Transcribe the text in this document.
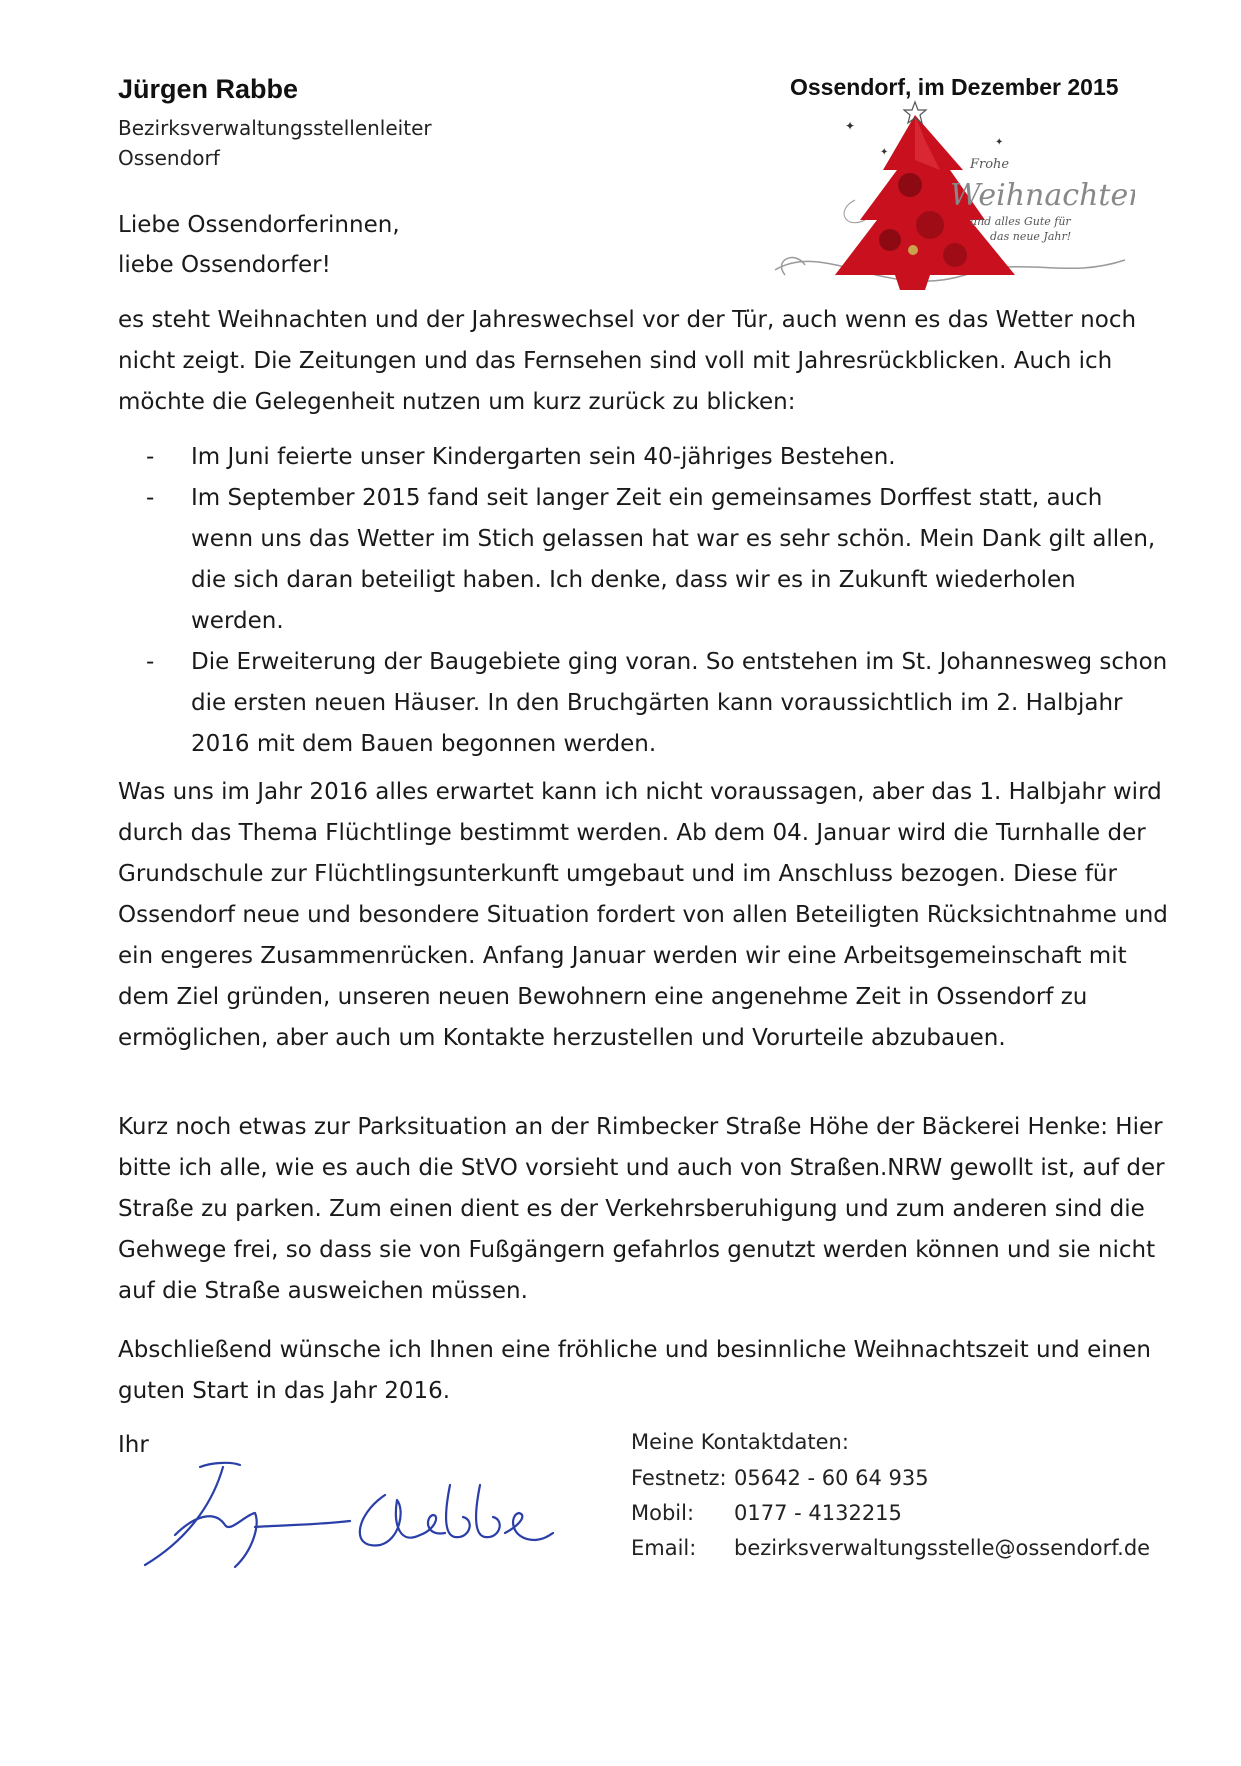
Jürgen Rabbe
Bezirksverwaltungsstellenleiter
Ossendorf
Ossendorf, im Dezember 2015
✦
✦
✦
Frohe
Weihnachten
und alles Gute für
das neue Jahr!
Liebe Ossendorferinnen,
liebe Ossendorfer!

es steht Weihnachten und der Jahreswechsel vor der Tür, auch wenn es das Wetter noch nicht zeigt. Die Zeitungen und das Fernsehen sind voll mit Jahresrückblicken. Auch ich möchte die Gelegenheit nutzen um kurz zurück zu blicken:

- Im Juni feierte unser Kindergarten sein 40-jähriges Bestehen.
- Im September 2015 fand seit langer Zeit ein gemeinsames Dorffest statt, auch wenn uns das Wetter im Stich gelassen hat war es sehr schön. Mein Dank gilt allen, die sich daran beteiligt haben. Ich denke, dass wir es in Zukunft wiederholen werden.
- Die Erweiterung der Baugebiete ging voran. So entstehen im St. Johannesweg schon die ersten neuen Häuser. In den Bruchgärten kann voraussichtlich im 2. Halbjahr 2016 mit dem Bauen begonnen werden.

Was uns im Jahr 2016 alles erwartet kann ich nicht voraussagen, aber das 1. Halbjahr wird durch das Thema Flüchtlinge bestimmt werden. Ab dem 04. Januar wird die Turnhalle der Grundschule zur Flüchtlingsunterkunft umgebaut und im Anschluss bezogen. Diese für Ossendorf neue und besondere Situation fordert von allen Beteiligten Rücksichtnahme und ein engeres Zusammenrücken. Anfang Januar werden wir eine Arbeitsgemeinschaft mit dem Ziel gründen, unseren neuen Bewohnern eine angenehme Zeit in Ossendorf zu ermöglichen, aber auch um Kontakte herzustellen und Vorurteile abzubauen.

Kurz noch etwas zur Parksituation an der Rimbecker Straße Höhe der Bäckerei Henke: Hier bitte ich alle, wie es auch die StVO vorsieht und auch von Straßen.NRW gewollt ist, auf der Straße zu parken. Zum einen dient es der Verkehrsberuhigung und zum anderen sind die Gehwege frei, so dass sie von Fußgängern gefahrlos genutzt werden können und sie nicht auf die Straße ausweichen müssen.

Abschließend wünsche ich Ihnen eine fröhliche und besinnliche Weihnachtszeit und einen guten Start in das Jahr 2016.

Ihr	Meine Kontaktdaten:
Festnetz: 05642 - 60 64 935
Mobil: 0177 - 4132215
Email: bezirksverwaltungsstelle@ossendorf.de
